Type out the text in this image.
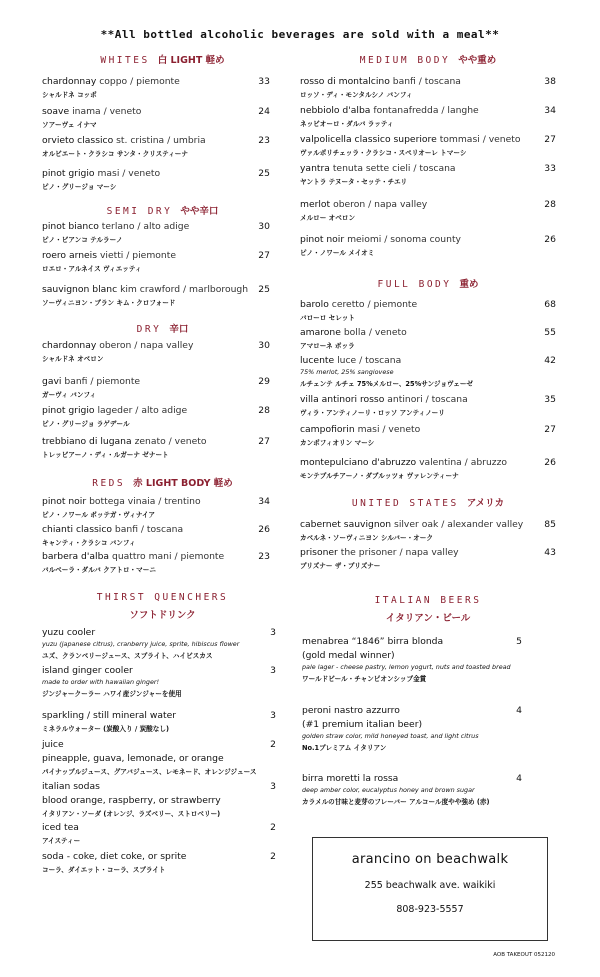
**All bottled alcoholic beverages are sold with a meal**
WHITES 白 LIGHT 軽め
chardonnay coppo / piemonte
シャルドネ コッポ
33
soave inama / veneto
ソアーヴェ イナマ
24
orvieto classico st. cristina / umbria
オルビエート・クラシコ サンタ・クリスティーナ
23
pinot grigio masi / veneto
ピノ・グリージョ マーシ
25
SEMI DRY やや辛口
pinot bianco terlano / alto adige
ピノ・ビアンコ テルラーノ
30
roero arneis vietti / piemonte
ロエロ・アルネイス ヴィエッティ
27
sauvignon blanc kim crawford / marlborough
ソーヴィニヨン・ブラン キム・クロフォード
25
DRY 辛口
chardonnay oberon / napa valley
シャルドネ オベロン
30
gavi banfi / piemonte
ガーヴィ バンフィ
29
pinot grigio lageder / alto adige
ピノ・グリージョ ラゲデール
28
trebbiano di lugana zenato / veneto
トレッビアーノ・ディ・ルガーナ ゼナート
27
REDS 赤 LIGHT BODY 軽め
pinot noir bottega vinaia / trentino
ピノ・ノワール ボッテガ・ヴィナイア
34
chianti classico banfi / toscana
キャンティ・クラシコ バンフィ
26
barbera d'alba quattro mani / piemonte
バルベーラ・ダルバ クアトロ・マーニ
23
MEDIUM BODY やや重め
rosso di montalcino banfi / toscana
ロッソ・ディ・モンタルシノ バンフィ
38
nebbiolo d'alba fontanafredda / langhe
ネッビオーロ・ダルバ ラッティ
34
valpolicella classico superiore tommasi / veneto
ヴァルポリチェッラ・クラシコ・スペリオーレ トマーシ
27
yantra tenuta sette cieli / toscana
ヤントラ テヌータ・セッテ・チエリ
33
merlot oberon / napa valley
メルロー オベロン
28
pinot noir meiomi / sonoma county
ピノ・ノワール メイオミ
26
FULL BODY 重め
barolo ceretto / piemonte
バローロ セレット
68
amarone bolla / veneto
アマローネ ボッラ
55
lucente luce / toscana
75% merlot, 25% sangiovese
ルチェンテ ルチェ 75%メルロー、25%サンジョヴェーゼ
42
villa antinori rosso antinori / toscana
ヴィラ・アンティノーリ・ロッソ アンティノーリ
35
campofiorin masi / veneto
カンポフィオリン マーシ
27
montepulciano d'abruzzo valentina / abruzzo
モンテプルチアーノ・ダブルッツォ ヴァレンティーナ
26
UNITED STATES アメリカ
cabernet sauvignon silver oak / alexander valley
カベルネ・ソーヴィニヨン シルバー・オーク
85
prisoner the prisoner / napa valley
プリズナー ザ・プリズナー
43
THIRST QUENCHERS
ソフトドリンク
yuzu cooler
yuzu (japanese citrus), cranberry juice, sprite, hibiscus flower
ユズ、クランベリージュース、スプライト、ハイビスカス
3
island ginger cooler
made to order with hawaiian ginger!
ジンジャークーラー ハワイ産ジンジャーを使用
3
sparkling / still mineral water
ミネラルウォーター (炭酸入り / 炭酸なし)
3
juice
pineapple, guava, lemonade, or orange
パイナップルジュース、グアバジュース、レモネード、オレンジジュース
2
italian sodas
blood orange, raspberry, or strawberry
イタリアン・ソーダ (オレンジ、ラズベリー、ストロベリー)
3
iced tea
アイスティー
2
soda - coke, diet coke, or sprite
コーラ、ダイエット・コーラ、スプライト
2
ITALIAN BEERS
イタリアン・ビール
menabrea “1846” birra blonda
(gold medal winner)
pale lager - cheese pastry, lemon yogurt, nuts and toasted bread
ワールドビール・チャンピオンシップ金賞
5
peroni nastro azzurro
(#1 premium italian beer)
golden straw color, mild honeyed toast, and light citrus
No.1プレミアム イタリアン
4
birra moretti la rossa
deep amber color, eucalyptus honey and brown sugar
カラメルの甘味と麦芽のフレーバー アルコール度やや強め (赤)
4
arancino on beachwalk
255 beachwalk ave. waikiki
808-923-5557
AOB TAKEOUT 052120
